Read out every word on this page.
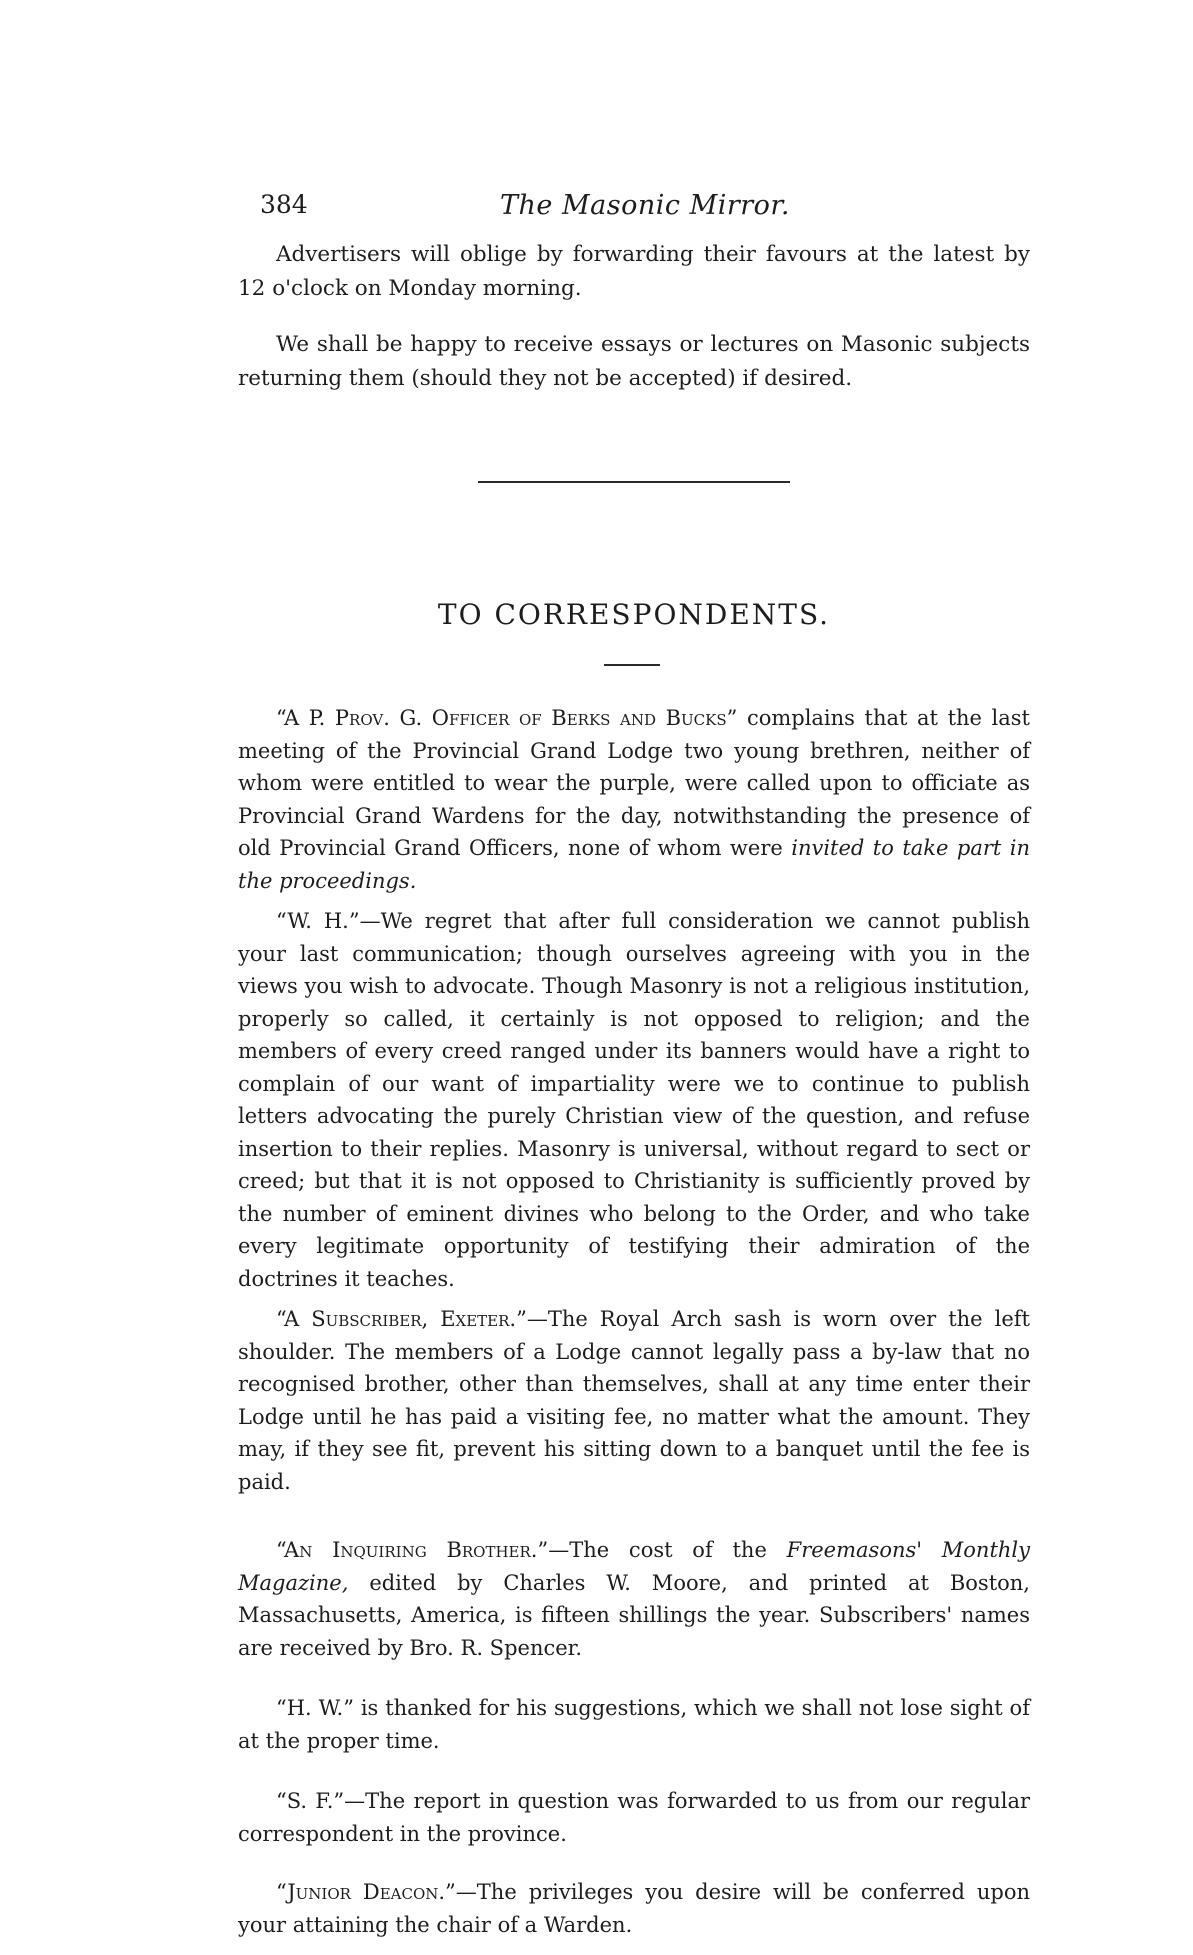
384	The Masonic Mirror.

Advertisers will oblige by forwarding their favours at the latest by 12 o'clock on Monday morning.

We shall be happy to receive essays or lectures on Masonic subjects returning them (should they not be accepted) if desired.

TO CORRESPONDENTS.

“A P. Prov. G. Officer of Berks and Bucks” complains that at the last meeting of the Provincial Grand Lodge two young brethren, neither of whom were entitled to wear the purple, were called upon to officiate as Provincial Grand Wardens for the day, notwithstanding the presence of old Provincial Grand Officers, none of whom were invited to take part in the proceedings.

“W. H.”—We regret that after full consideration we cannot publish your last communication; though ourselves agreeing with you in the views you wish to advocate. Though Masonry is not a religious institution, properly so called, it certainly is not opposed to religion; and the members of every creed ranged under its banners would have a right to complain of our want of impartiality were we to continue to publish letters advocating the purely Christian view of the question, and refuse insertion to their replies. Masonry is universal, without regard to sect or creed; but that it is not opposed to Christianity is sufficiently proved by the number of eminent divines who belong to the Order, and who take every legitimate opportunity of testifying their admiration of the doctrines it teaches.

“A Subscriber, Exeter.”—The Royal Arch sash is worn over the left shoulder. The members of a Lodge cannot legally pass a by-law that no recognised brother, other than themselves, shall at any time enter their Lodge until he has paid a visiting fee, no matter what the amount. They may, if they see fit, prevent his sitting down to a banquet until the fee is paid.

“An Inquiring Brother.”—The cost of the Freemasons' Monthly Magazine, edited by Charles W. Moore, and printed at Boston, Massachusetts, America, is fifteen shillings the year. Subscribers' names are received by Bro. R. Spencer.

“H. W.” is thanked for his suggestions, which we shall not lose sight of at the proper time.

“S. F.”—The report in question was forwarded to us from our regular correspondent in the province.

“Junior Deacon.”—The privileges you desire will be conferred upon your attaining the chair of a Warden.
